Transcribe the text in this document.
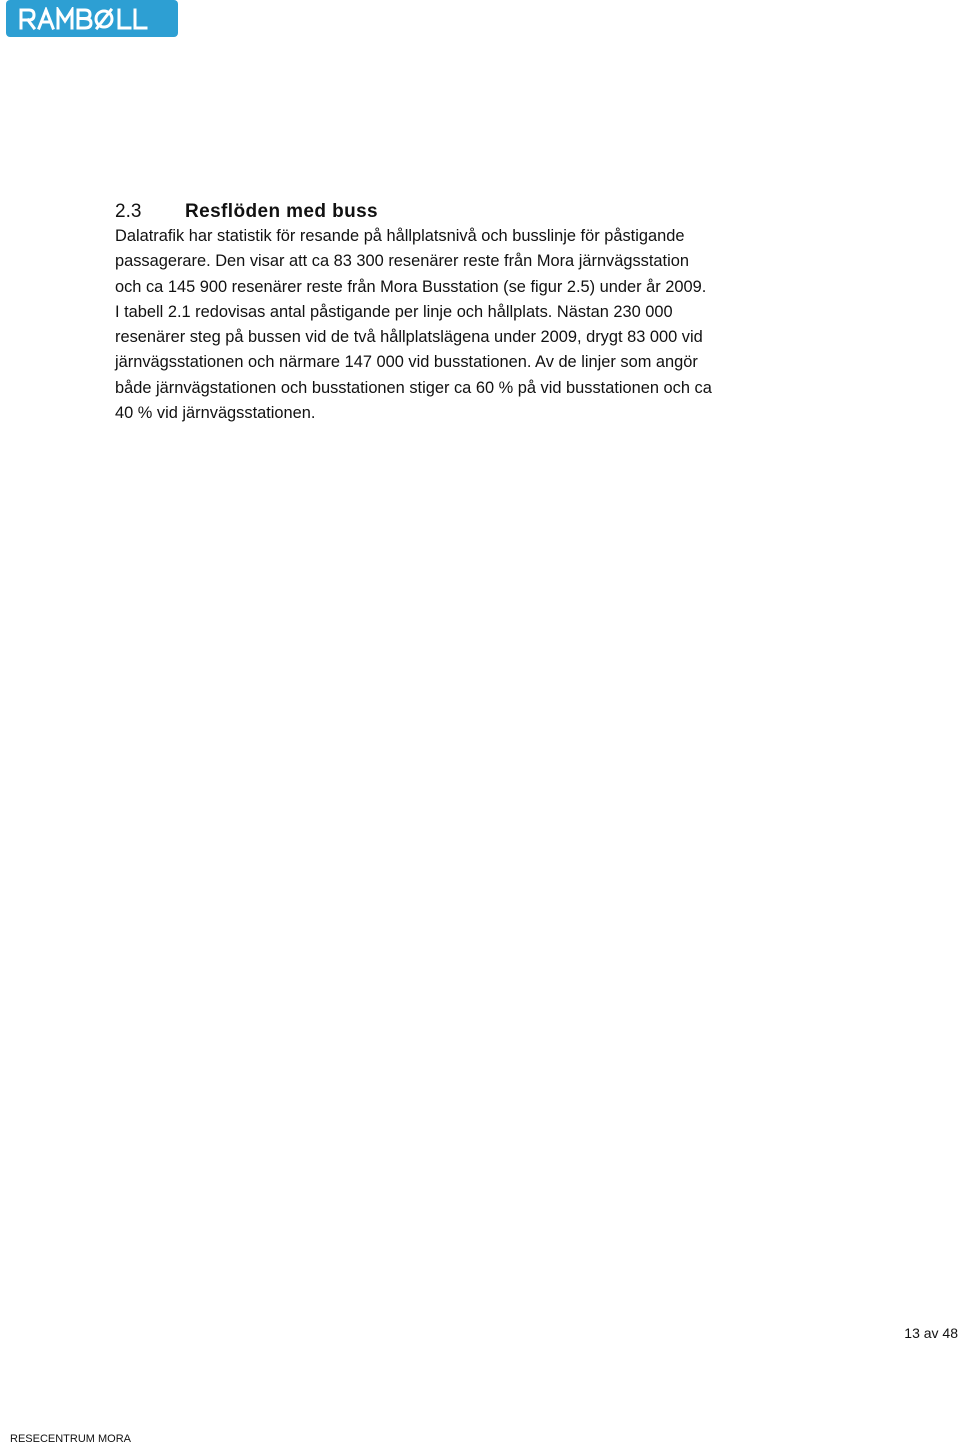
2.3 Resflöden med buss

Dalatrafik har statistik för resande på hållplatsnivå och busslinje för påstigande
passagerare. Den visar att ca 83 300 resenärer reste från Mora järnvägsstation
och ca 145 900 resenärer reste från Mora Busstation (se figur 2.5) under år 2009.
I tabell 2.1 redovisas antal påstigande per linje och hållplats. Nästan 230 000
resenärer steg på bussen vid de två hållplatslägena under 2009, drygt 83 000 vid
järnvägsstationen och närmare 147 000 vid busstationen. Av de linjer som angör
både järnvägstationen och busstationen stiger ca 60 % på vid busstationen och ca
40 % vid järnvägsstationen.

13 av 48
RESECENTRUM MORA
